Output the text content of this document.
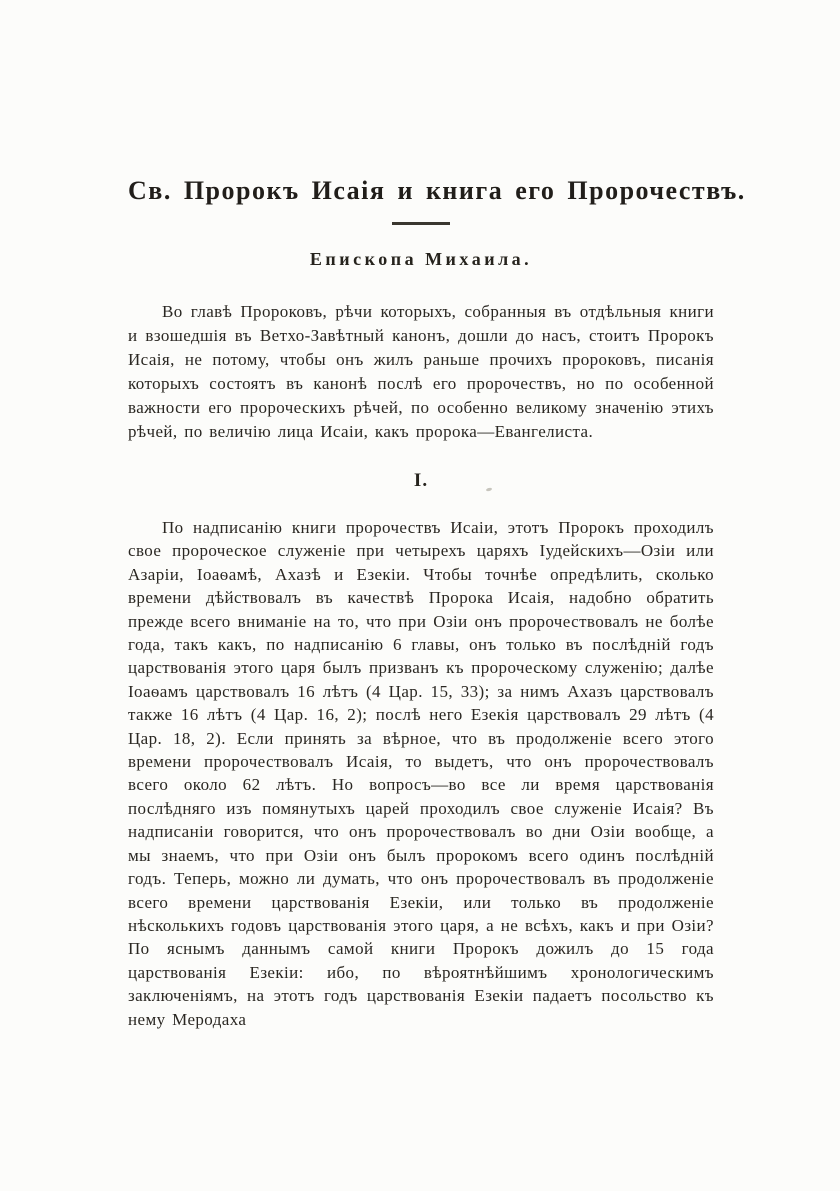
Св. Пророкъ Исаія и книга его Пророчествъ.
Епископа Михаила.

Во главѣ Пророковъ, рѣчи которыхъ, собранныя въ отдѣльныя книги и взошедшія въ Ветхо-Завѣтный канонъ, дошли до насъ, стоитъ Пророкъ Исаія, не потому, чтобы онъ жилъ раньше прочихъ пророковъ, писанія которыхъ состоятъ въ канонѣ послѣ его пророчествъ, но по особенной важности его пророческихъ рѣчей, по особенно великому значенію этихъ рѣчей, по величію лица Исаіи, какъ пророка—Евангелиста.

I.

По надписанію книги пророчествъ Исаіи, этотъ Пророкъ проходилъ свое пророческое служеніе при четырехъ царяхъ Іудейскихъ—Озіи или Азаріи, Іоаѳамѣ, Ахазѣ и Езекіи. Чтобы точнѣе опредѣлить, сколько времени дѣйствовалъ въ качествѣ Пророка Исаія, надобно обратить прежде всего вниманіе на то, что при Озіи онъ пророчествовалъ не болѣе года, такъ какъ, по надписанію 6 главы, онъ только въ послѣдній годъ царствованія этого царя былъ призванъ къ пророческому служенію; далѣе Іоаѳамъ царствовалъ 16 лѣтъ (4 Цар. 15, 33); за нимъ Ахазъ царствовалъ также 16 лѣтъ (4 Цар. 16, 2); послѣ него Езекія царствовалъ 29 лѣтъ (4 Цар. 18, 2). Если принять за вѣрное, что въ продолженіе всего этого времени пророчествовалъ Исаія, то выдетъ, что онъ пророчествовалъ всего около 62 лѣтъ. Но вопросъ—во все ли время царствованія послѣдняго изъ помянутыхъ царей проходилъ свое служеніе Исаія? Въ надписаніи говорится, что онъ пророчествовалъ во дни Озіи вообще, а мы знаемъ, что при Озіи онъ былъ пророкомъ всего одинъ послѣдній годъ. Теперь, можно ли думать, что онъ пророчествовалъ въ продолженіе всего времени царствованія Езекіи, или только въ продолженіе нѣсколькихъ годовъ царствованія этого царя, а не всѣхъ, какъ и при Озіи? По яснымъ даннымъ самой книги Пророкъ дожилъ до 15 года царствованія Езекіи: ибо, по вѣроятнѣйшимъ хронологическимъ заключеніямъ, на этотъ годъ царствованія Езекіи падаетъ посольство къ нему Меродаха
